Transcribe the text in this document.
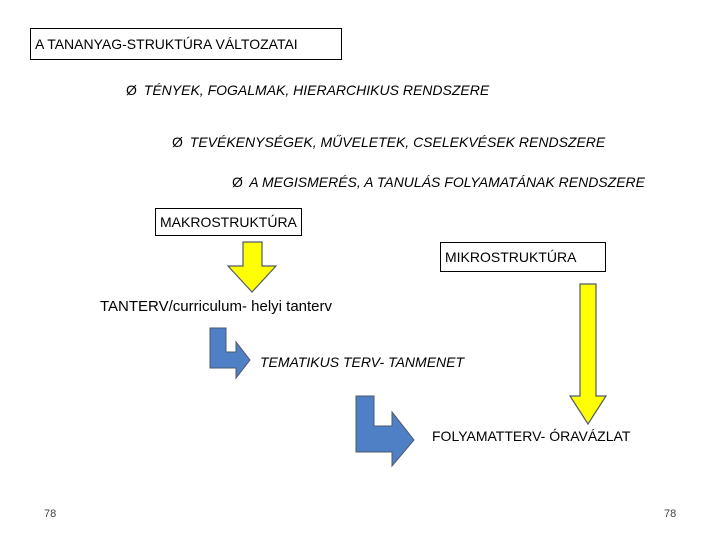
A TANANYAG-STRUKTÚRA VÁLTOZATAI
Ø TÉNYEK, FOGALMAK, HIERARCHIKUS RENDSZERE
Ø TEVÉKENYSÉGEK, MŰVELETEK, CSELEKVÉSEK RENDSZERE
Ø A MEGISMERÉS, A TANULÁS FOLYAMATÁNAK RENDSZERE
MAKROSTRUKTÚRA
MIKROSTRUKTÚRA
TANTERV/curriculum- helyi tanterv
TEMATIKUS TERV- TANMENET
FOLYAMATTERV- ÓRAVÁZLAT
78	78
